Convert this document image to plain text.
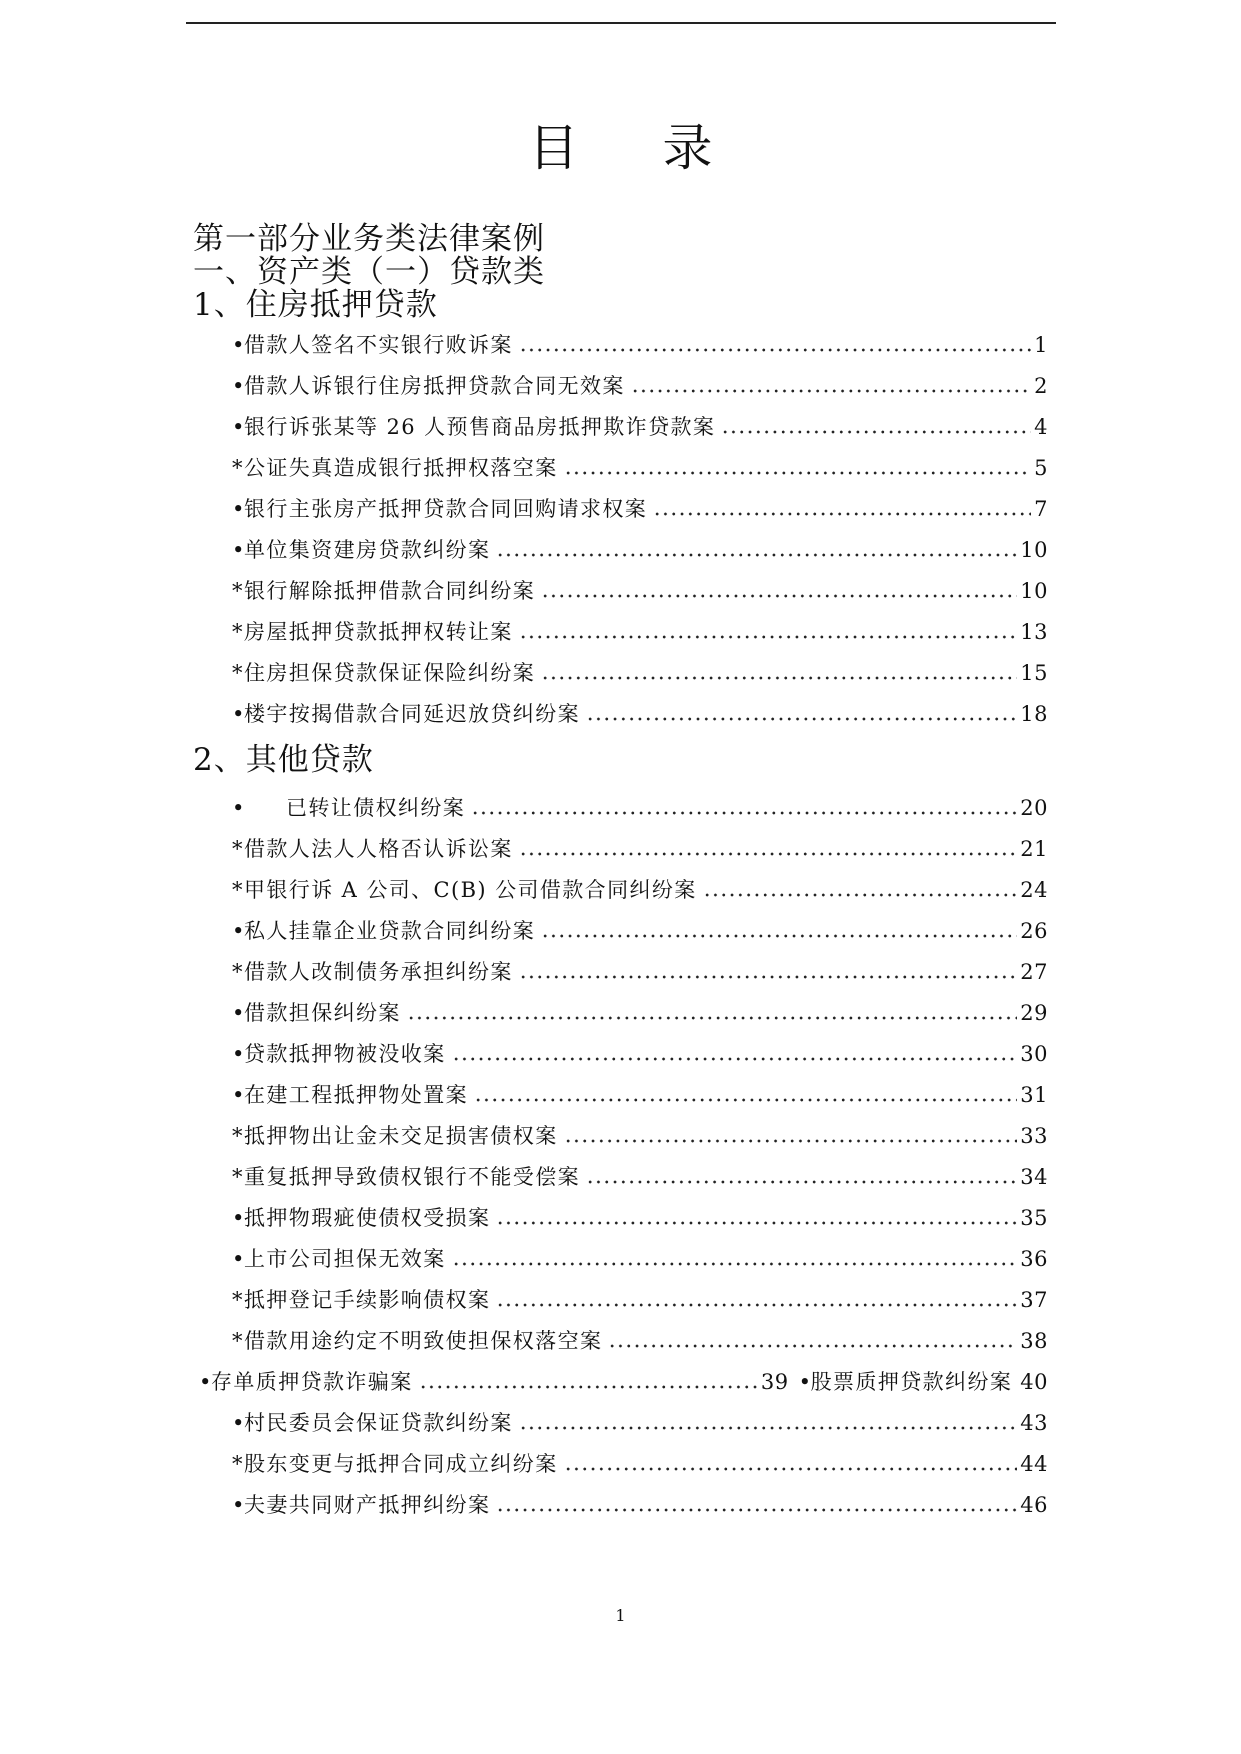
目 录
第一部分业务类法律案例
一、资产类（一）贷款类
1、住房抵押贷款
• 借款人签名不实银行败诉案	1
• 借款人诉银行住房抵押贷款合同无效案	2
• 银行诉张某等 26 人预售商品房抵押欺诈贷款案	4
* 公证失真造成银行抵押权落空案	5
• 银行主张房产抵押贷款合同回购请求权案	7
• 单位集资建房贷款纠纷案	10
* 银行解除抵押借款合同纠纷案	10
* 房屋抵押贷款抵押权转让案	13
* 住房担保贷款保证保险纠纷案	15
• 楼宇按揭借款合同延迟放贷纠纷案	18
2、其他贷款
•	已转让债权纠纷案	20
* 借款人法人人格否认诉讼案	21
* 甲银行诉 A 公司、C(B) 公司借款合同纠纷案	24
• 私人挂靠企业贷款合同纠纷案	26
* 借款人改制债务承担纠纷案	27
• 借款担保纠纷案	29
• 贷款抵押物被没收案	30
• 在建工程抵押物处置案	31
* 抵押物出让金未交足损害债权案	33
* 重复抵押导致债权银行不能受偿案	34
• 抵押物瑕疵使债权受损案	35
• 上市公司担保无效案	36
* 抵押登记手续影响债权案	37
* 借款用途约定不明致使担保权落空案	38
• 存单质押贷款诈骗案	39 • 股票质押贷款纠纷案 40
• 村民委员会保证贷款纠纷案	43
* 股东变更与抵押合同成立纠纷案	44
• 夫妻共同财产抵押纠纷案	46
1
